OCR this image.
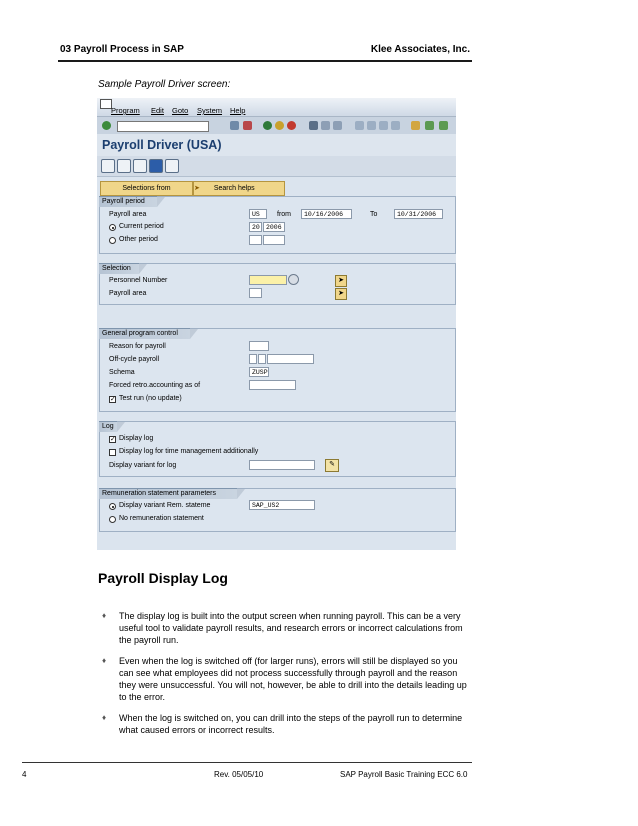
03 Payroll Process in SAP	Klee Associates, Inc.
Sample Payroll Driver screen:
Program Edit Goto System Help
Payroll Driver (USA)
Selections from	➤ Search helps
Payroll period
Payroll area	US	from	10/16/2006	To	10/31/2006
Current period	20 2006
Other period
Selection
Personnel Number	➤
Payroll area	➤
General program control
Reason for payroll
Off-cycle payroll
Schema	ZUSP
Forced retro.accounting as of
✓ Test run (no update)
Log
✓ Display log
Display log for time management additionally
Display variant for log	✎
Remuneration statement parameters
Display variant Rem. stateme	SAP_US2
No remuneration statement
Payroll Display Log
♦ The display log is built into the output screen when running payroll. This can be a very useful tool to validate payroll results, and research errors or incorrect calculations from the payroll run.
♦ Even when the log is switched off (for larger runs), errors will still be displayed so you can see what employees did not process successfully through payroll and the reason they were unsuccessful. You will not, however, be able to drill into the details leading up to the error.
♦ When the log is switched on, you can drill into the steps of the payroll run to determine what caused errors or incorrect results.
4	Rev. 05/05/10	SAP Payroll Basic Training ECC 6.0
